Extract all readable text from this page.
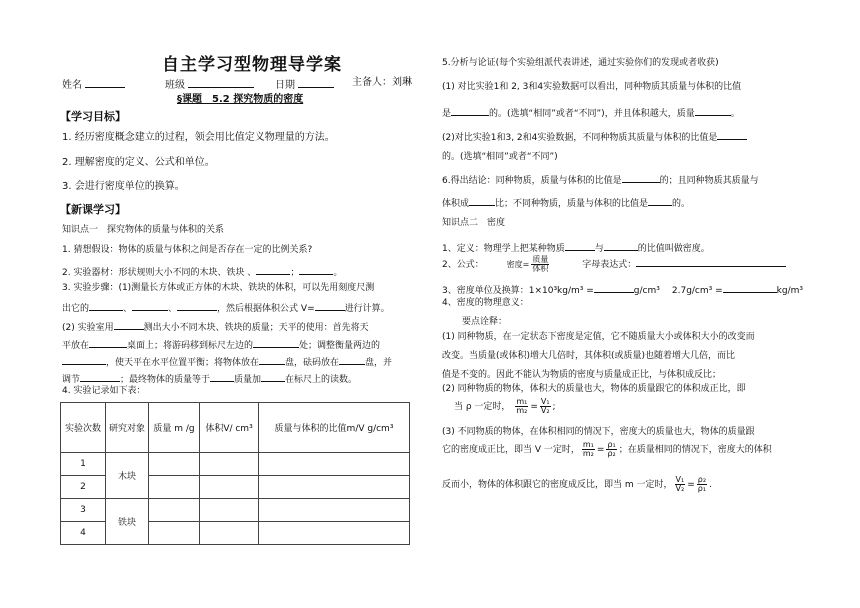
自主学习型物理导学案
姓名	班级	日期	主备人：刘琳
§课题　5.2 探究物质的密度
【学习目标】
1. 经历密度概念建立的过程，领会用比值定义物理量的方法。
2. 理解密度的定义、公式和单位。
3. 会进行密度单位的换算。
【新课学习】
知识点一　探究物体的质量与体积的关系
1. 猜想假设：物体的质量与体积之间是否存在一定的比例关系?
2. 实验器材：形状规则大小不同的木块、铁块 、	；	。
3. 实验步骤：(1)测量长方体或正方体的木块、铁块的体积，可以先用刻度尺测
出它的	、	、	，然后根据体积公式 V=	进行计算。
(2) 实验室用	测出大小不同木块、铁块的质量；天平的使用：首先将天
平放在	桌面上；将游码移到标尺左边的	处；调整衡量两边的
，使天平在水平位置平衡；将物体放在	盘，砝码放在	盘，并
调节	；最终物体的质量等于	质量加	在标尺上的读数。
4. 实验记录如下表：
实验次数	研究对象	质量 m /g	体积V/ cm³	质量与体积的比值m/V g/cm³
1	木块			
2				
3	铁块			
4				
5.分析与论证(每个实验组派代表讲述，通过实验你们的发现或者收获)
(1) 对比实验1和 2, 3和4实验数据可以看出，同种物质其质量与体积的比值
是	的。(选填“相同”或者“不同”)，并且体积越大，质量	。
(2)对比实验1和3, 2和4实验数据，不同种物质其质量与体积的比值是
的。(选填“相同”或者“不同”)
6.得出结论：同种物质，质量与体积的比值是	的；且同种物质其质量与
体积成	比；不同种物质，质量与体积的比值是	的。
知识点二　密度
1、定义：物理学上把某种物质	与	的比值叫做密度。
2、公式：	密度= $\frac{\text{质量}}{\text{体积}}$	字母表达式：
3、密度单位及换算：1×10³kg/m³ =	g/cm³ 2.7g/cm³ =	kg/m³
4、密度的物理意义：
要点诠释：
(1) 同种物质，在一定状态下密度是定值，它不随质量大小或体积大小的改变而
改变。当质量(或体积)增大几倍时，其体积(或质量)也随着增大几倍，而比
值是不变的。因此不能认为物质的密度与质量成正比，与体积成反比；
(2) 同种物质的物体，体积大的质量也大，物体的质量跟它的体积成正比，即
当 ρ 一定时， $\frac{\text{m₁}}{\text{m₂}} = \frac{\text{V₁}}{\text{V₂}}$ ;
(3) 不同物质的物体，在体积相同的情况下，密度大的质量也大，物体的质量跟
它的密度成正比，即当 V 一定时， $\frac{\text{m₁}}{\text{m₂}} = \frac{\text{ρ₁}}{\text{ρ₂}}$ ；在质量相同的情况下，密度大的体积
反而小，物体的体积跟它的密度成反比，即当 m 一定时， $\frac{\text{V₁}}{\text{V₂}} = \frac{\text{ρ₂}}{\text{ρ₁}}$ .
